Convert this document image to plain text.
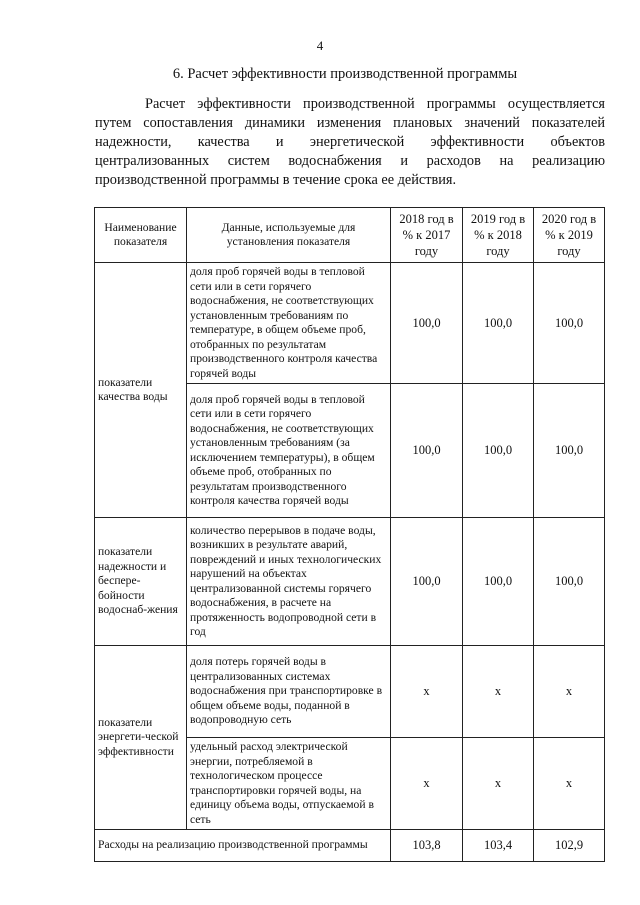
4
6. Расчет эффективности производственной программы

Расчет эффективности производственной программы осуществляется путем сопоставления динамики изменения плановых значений показателей надежности, качества и энергетической эффективности объектов централизованных систем водоснабжения и расходов на реализацию производственной программы в течение срока ее действия.

Наименование показателя	Данные, используемые для установления показателя	2018 год в % к 2017 году	2019 год в % к 2018 году	2020 год в % к 2019 году

показатели качества воды	доля проб горячей воды в тепловой сети или в сети горячего водоснабжения, не соответствующих установленным требованиям по температуре, в общем объеме проб, отобранных по результатам производственного контроля качества горячей воды	100,0	100,0	100,0
	доля проб горячей воды в тепловой сети или в сети горячего водоснабжения, не соответствующих установленным требованиям (за исключением температуры), в общем объеме проб, отобранных по результатам производственного контроля качества горячей воды	100,0	100,0	100,0
показатели надежности и беспере-бойности водоснаб-жения	количество перерывов в подаче воды, возникших в результате аварий, повреждений и иных технологических нарушений на объектах централизованной системы горячего водоснабжения, в расчете на протяженность водопроводной сети в год	100,0	100,0	100,0
показатели энергети-ческой эффективности	доля потерь горячей воды в централизованных системах водоснабжения при транспортировке в общем объеме воды, поданной в водопроводную сеть	х	х	х
	удельный расход электрической энергии, потребляемой в технологическом процессе транспортировки горячей воды, на единицу объема воды, отпускаемой в сеть	х	х	х
Расходы на реализацию производственной программы		103,8	103,4	102,9
